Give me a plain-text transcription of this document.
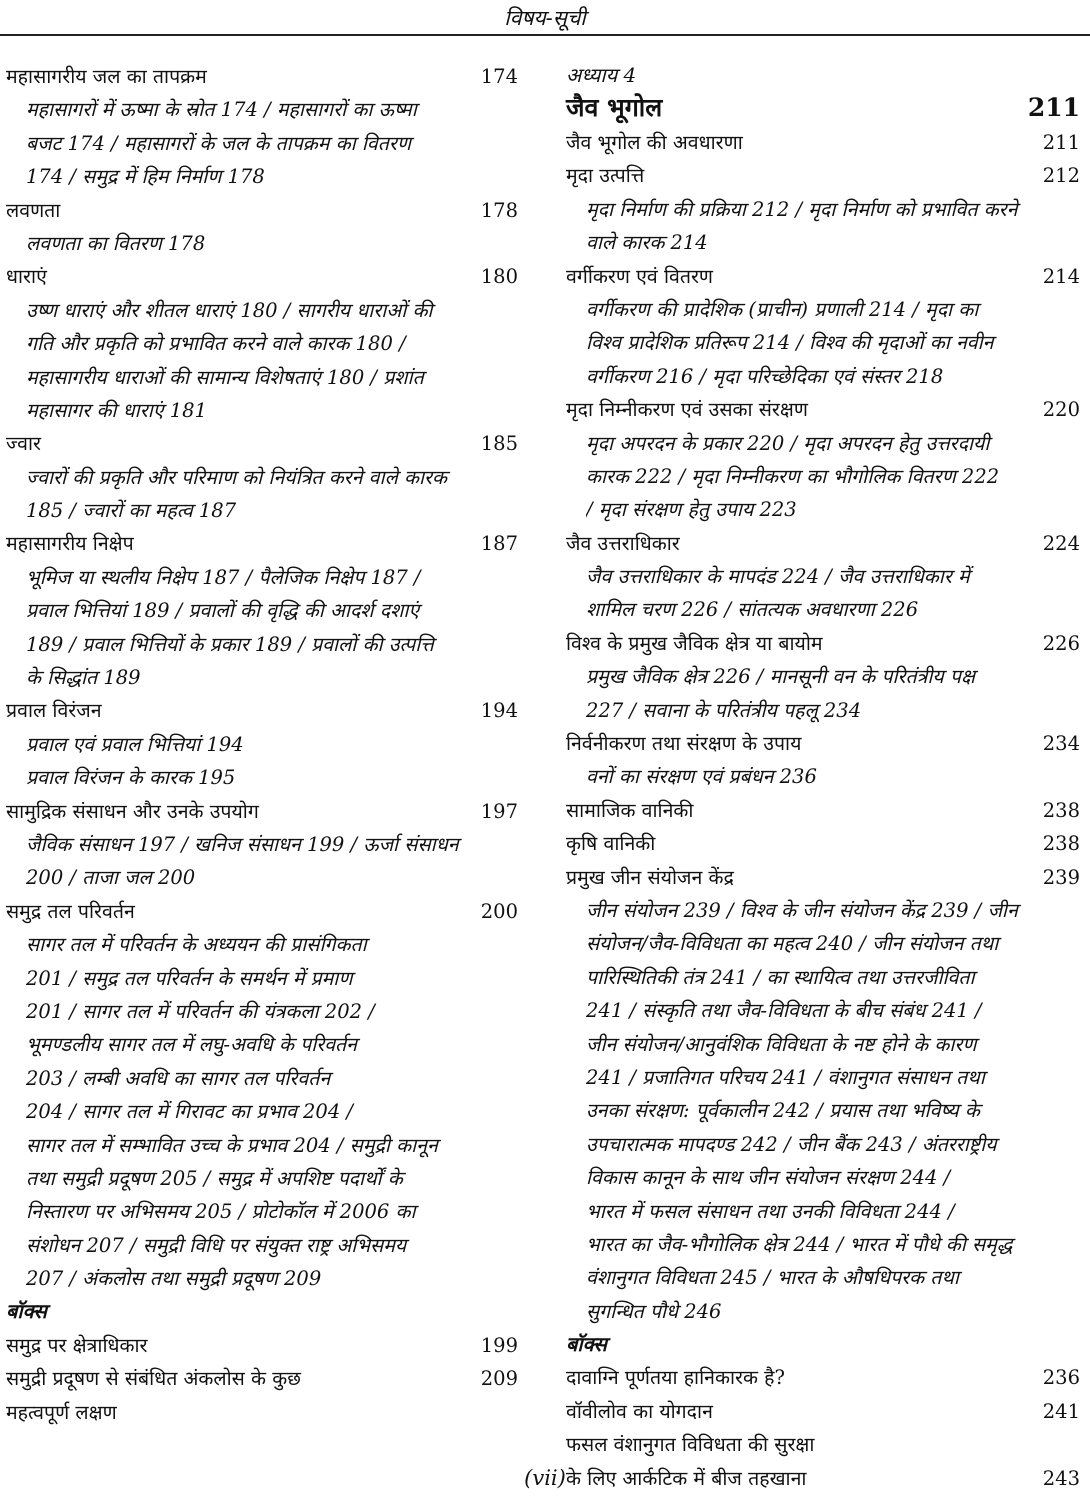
विषय-सूची
महासागरीय जल का तापक्रम	174
महासागरों में ऊष्मा के स्रोत 174 / महासागरों का ऊष्मा
बजट 174 / महासागरों के जल के तापक्रम का वितरण
174 / समुद्र में हिम निर्माण 178
लवणता	178
लवणता का वितरण 178
धाराएं	180
उष्ण धाराएं और शीतल धाराएं 180 / सागरीय धाराओं की
गति और प्रकृति को प्रभावित करने वाले कारक 180 /
महासागरीय धाराओं की सामान्य विशेषताएं 180 / प्रशांत
महासागर की धाराएं 181
ज्वार	185
ज्वारों की प्रकृति और परिमाण को नियंत्रित करने वाले कारक
185 / ज्वारों का महत्व 187
महासागरीय निक्षेप	187
भूमिज या स्थलीय निक्षेप 187 / पैलेजिक निक्षेप 187 /
प्रवाल भित्तियां 189 / प्रवालों की वृद्धि की आदर्श दशाएं
189 / प्रवाल भित्तियों के प्रकार 189 / प्रवालों की उत्पत्ति
के सिद्धांत 189
प्रवाल विरंजन	194
प्रवाल एवं प्रवाल भित्तियां 194
प्रवाल विरंजन के कारक 195
सामुद्रिक संसाधन और उनके उपयोग	197
जैविक संसाधन 197 / खनिज संसाधन 199 / ऊर्जा संसाधन
200 / ताजा जल 200
समुद्र तल परिवर्तन	200
सागर तल में परिवर्तन के अध्ययन की प्रासंगिकता
201 / समुद्र तल परिवर्तन के समर्थन में प्रमाण
201 / सागर तल में परिवर्तन की यंत्रकला 202 /
भूमण्डलीय सागर तल में लघु-अवधि के परिवर्तन
203 / लम्बी अवधि का सागर तल परिवर्तन
204 / सागर तल में गिरावट का प्रभाव 204 /
सागर तल में सम्भावित उच्च के प्रभाव 204 / समुद्री कानून
तथा समुद्री प्रदूषण 205 / समुद्र में अपशिष्ट पदार्थों के
निस्तारण पर अभिसमय 205 / प्रोटोकॉल में 2006 का
संशोधन 207 / समुद्री विधि पर संयुक्त राष्ट्र अभिसमय
207 / अंकलोस तथा समुद्री प्रदूषण 209
बॉक्स
समुद्र पर क्षेत्राधिकार	199
समुद्री प्रदूषण से संबंधित अंकलोस के कुछ	209
महत्वपूर्ण लक्षण
अध्याय 4
जैव भूगोल	211
जैव भूगोल की अवधारणा	211
मृदा उत्पत्ति	212
मृदा निर्माण की प्रक्रिया 212 / मृदा निर्माण को प्रभावित करने
वाले कारक 214
वर्गीकरण एवं वितरण	214
वर्गीकरण की प्रादेशिक (प्राचीन) प्रणाली 214 / मृदा का
विश्व प्रादेशिक प्रतिरूप 214 / विश्व की मृदाओं का नवीन
वर्गीकरण 216 / मृदा परिच्छेदिका एवं संस्तर 218
मृदा निम्नीकरण एवं उसका संरक्षण	220
मृदा अपरदन के प्रकार 220 / मृदा अपरदन हेतु उत्तरदायी
कारक 222 / मृदा निम्नीकरण का भौगोलिक वितरण 222
/ मृदा संरक्षण हेतु उपाय 223
जैव उत्तराधिकार	224
जैव उत्तराधिकार के मापदंड 224 / जैव उत्तराधिकार में
शामिल चरण 226 / सांतत्यक अवधारणा 226
विश्व के प्रमुख जैविक क्षेत्र या बायोम	226
प्रमुख जैविक क्षेत्र 226 / मानसूनी वन के परितंत्रीय पक्ष
227 / सवाना के परितंत्रीय पहलू 234
निर्वनीकरण तथा संरक्षण के उपाय	234
वनों का संरक्षण एवं प्रबंधन 236
सामाजिक वानिकी	238
कृषि वानिकी	238
प्रमुख जीन संयोजन केंद्र	239
जीन संयोजन 239 / विश्व के जीन संयोजन केंद्र 239 / जीन
संयोजन/जैव-विविधता का महत्व 240 / जीन संयोजन तथा
पारिस्थितिकी तंत्र 241 / का स्थायित्व तथा उत्तरजीविता
241 / संस्कृति तथा जैव-विविधता के बीच संबंध 241 /
जीन संयोजन/आनुवंशिक विविधता के नष्ट होने के कारण
241 / प्रजातिगत परिचय 241 / वंशानुगत संसाधन तथा
उनका संरक्षण: पूर्वकालीन 242 / प्रयास तथा भविष्य के
उपचारात्मक मापदण्ड 242 / जीन बैंक 243 / अंतरराष्ट्रीय
विकास कानून के साथ जीन संयोजन संरक्षण 244 /
भारत में फसल संसाधन तथा उनकी विविधता 244 /
भारत का जैव-भौगोलिक क्षेत्र 244 / भारत में पौधे की समृद्ध
वंशानुगत विविधता 245 / भारत के औषधिपरक तथा
सुगन्धित पौधे 246
बॉक्स
दावाग्नि पूर्णतया हानिकारक है?	236
वॉवीलोव का योगदान	241
फसल वंशानुगत विविधता की सुरक्षा
के लिए आर्कटिक में बीज तहखाना	243
(vii)
